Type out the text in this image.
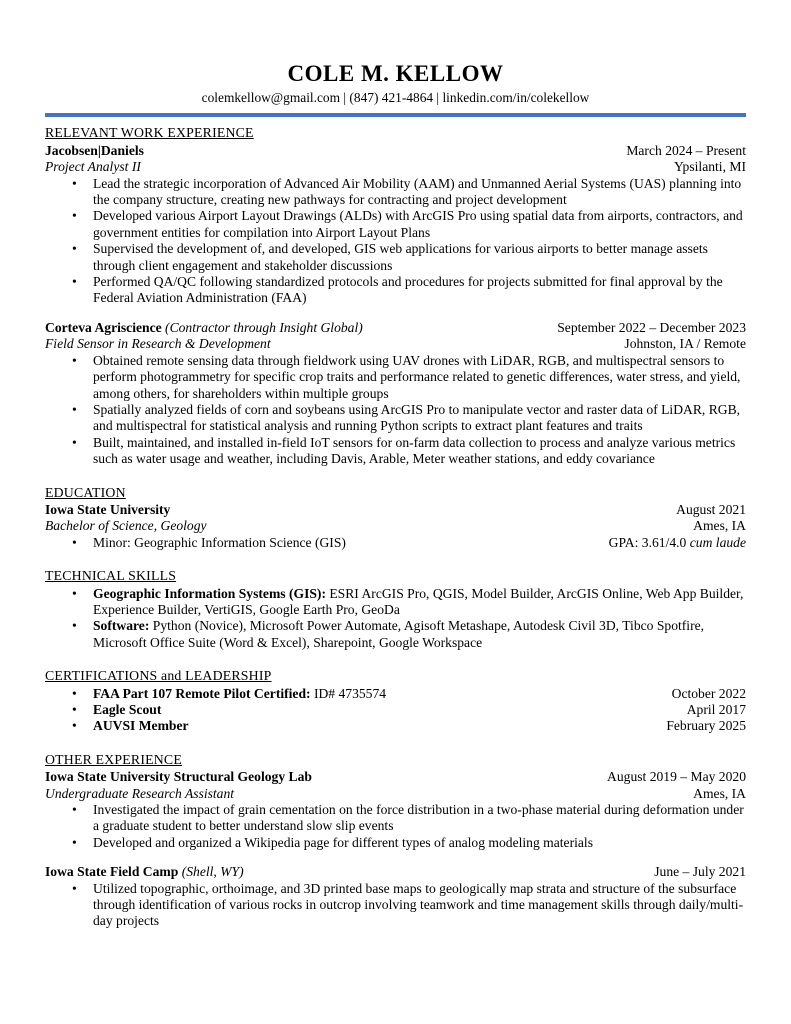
COLE M. KELLOW
colemkellow@gmail.com | (847) 421-4864 | linkedin.com/in/colekellow
RELEVANT WORK EXPERIENCE
Jacobsen|Daniels	March 2024 – Present
Project Analyst II	Ypsilanti, MI
•	Lead the strategic incorporation of Advanced Air Mobility (AAM) and Unmanned Aerial Systems (UAS) planning into the company structure, creating new pathways for contracting and project development
•	Developed various Airport Layout Drawings (ALDs) with ArcGIS Pro using spatial data from airports, contractors, and government entities for compilation into Airport Layout Plans
•	Supervised the development of, and developed, GIS web applications for various airports to better manage assets through client engagement and stakeholder discussions
•	Performed QA/QC following standardized protocols and procedures for projects submitted for final approval by the Federal Aviation Administration (FAA)
Corteva Agriscience (Contractor through Insight Global)	September 2022 – December 2023
Field Sensor in Research & Development	Johnston, IA / Remote
•	Obtained remote sensing data through fieldwork using UAV drones with LiDAR, RGB, and multispectral sensors to perform photogrammetry for specific crop traits and performance related to genetic differences, water stress, and yield, among others, for shareholders within multiple groups
•	Spatially analyzed fields of corn and soybeans using ArcGIS Pro to manipulate vector and raster data of LiDAR, RGB, and multispectral for statistical analysis and running Python scripts to extract plant features and traits
•	Built, maintained, and installed in-field IoT sensors for on-farm data collection to process and analyze various metrics such as water usage and weather, including Davis, Arable, Meter weather stations, and eddy covariance
EDUCATION
Iowa State University	August 2021
Bachelor of Science, Geology	Ames, IA
•	Minor: Geographic Information Science (GIS)	GPA: 3.61/4.0 cum laude
TECHNICAL SKILLS
•	Geographic Information Systems (GIS): ESRI ArcGIS Pro, QGIS, Model Builder, ArcGIS Online, Web App Builder, Experience Builder, VertiGIS, Google Earth Pro, GeoDa
•	Software: Python (Novice), Microsoft Power Automate, Agisoft Metashape, Autodesk Civil 3D, Tibco Spotfire, Microsoft Office Suite (Word & Excel), Sharepoint, Google Workspace
CERTIFICATIONS and LEADERSHIP
•	FAA Part 107 Remote Pilot Certified: ID# 4735574	October 2022
•	Eagle Scout	April 2017
•	AUVSI Member	February 2025
OTHER EXPERIENCE
Iowa State University Structural Geology Lab	August 2019 – May 2020
Undergraduate Research Assistant	Ames, IA
•	Investigated the impact of grain cementation on the force distribution in a two-phase material during deformation under a graduate student to better understand slow slip events
•	Developed and organized a Wikipedia page for different types of analog modeling materials
Iowa State Field Camp (Shell, WY)	June – July 2021
•	Utilized topographic, orthoimage, and 3D printed base maps to geologically map strata and structure of the subsurface through identification of various rocks in outcrop involving teamwork and time management skills through daily/multi-day projects
